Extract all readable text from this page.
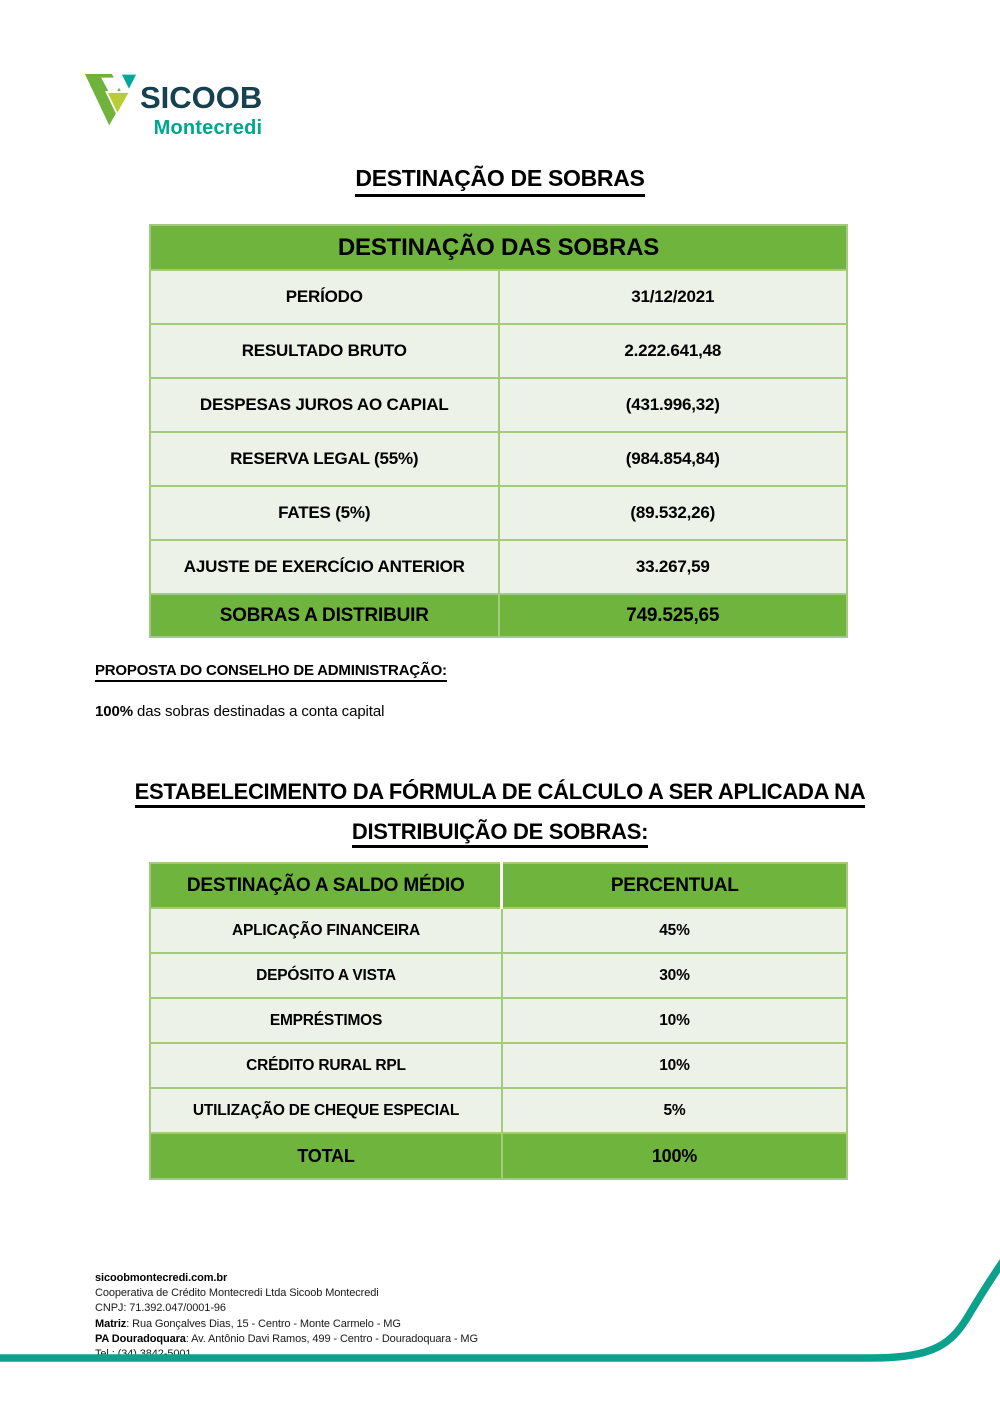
SICOOB
Montecredi
DESTINAÇÃO DE SOBRAS
DESTINAÇÃO DAS SOBRAS	
PERÍODO	31/12/2021
RESULTADO BRUTO	2.222.641,48
DESPESAS JUROS AO CAPIAL	(431.996,32)
RESERVA LEGAL (55%)	(984.854,84)
FATES (5%)	(89.532,26)
AJUSTE DE EXERCÍCIO ANTERIOR	33.267,59
SOBRAS A DISTRIBUIR	749.525,65
PROPOSTA DO CONSELHO DE ADMINISTRAÇÃO:
100% das sobras destinadas a conta capital
ESTABELECIMENTO DA FÓRMULA DE CÁLCULO A SER APLICADA NA
DISTRIBUIÇÃO DE SOBRAS:
DESTINAÇÃO A SALDO MÉDIO	PERCENTUAL
APLICAÇÃO FINANCEIRA	45%
DEPÓSITO A VISTA	30%
EMPRÉSTIMOS	10%
CRÉDITO RURAL RPL	10%
UTILIZAÇÃO DE CHEQUE ESPECIAL	5%
TOTAL	100%
sicoobmontecredi.com.br
Cooperativa de Crédito Montecredi Ltda Sicoob Montecredi
CNPJ: 71.392.047/0001-96
Matriz: Rua Gonçalves Dias, 15 - Centro - Monte Carmelo - MG
PA Douradoquara: Av. Antônio Davi Ramos, 499 - Centro - Douradoquara - MG
Tel.: (34) 3842-5001
